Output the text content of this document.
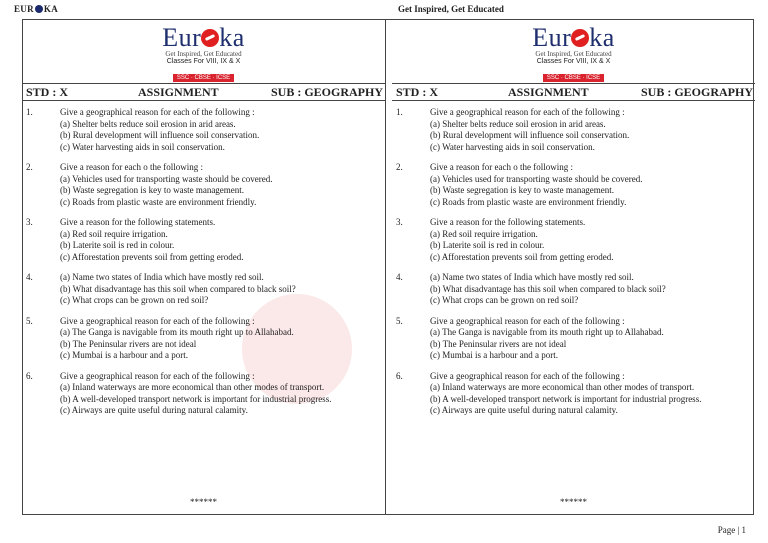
EUR KA	Get Inspired, Get Educated
Eur ka
Get Inspired, Get Educated
Classes For VIII, IX & X
SSC · CBSE · ICSE
STD : X	ASSIGNMENT	SUB : GEOGRAPHY
1.	Give a geographical reason for each of the following :
(a) Shelter belts reduce soil erosion in arid areas.
(b) Rural development will influence soil conservation.
(c) Water harvesting aids in soil conservation.
2.	Give a reason for each o the following :
(a) Vehicles used for transporting waste should be covered.
(b) Waste segregation is key to waste management.
(c) Roads from plastic waste are environment friendly.
3.	Give a reason for the following statements.
(a) Red soil require irrigation.
(b) Laterite soil is red in colour.
(c) Afforestation prevents soil from getting eroded.
4.	(a) Name two states of India which have mostly red soil.
(b) What disadvantage has this soil when compared to black soil?
(c) What crops can be grown on red soil?
5.	Give a geographical reason for each of the following :
(a) The Ganga is navigable from its mouth right up to Allahabad.
(b) The Peninsular rivers are not ideal
(c) Mumbai is a harbour and a port.
6.	Give a geographical reason for each of the following :
(a) Inland waterways are more economical than other modes of transport.
(b) A well-developed transport network is important for industrial progress.
(c) Airways are quite useful during natural calamity.
******
Eur ka
Get Inspired, Get Educated
Classes For VIII, IX & X
SSC · CBSE · ICSE
STD : X	ASSIGNMENT	SUB : GEOGRAPHY
1.	Give a geographical reason for each of the following :
(a) Shelter belts reduce soil erosion in arid areas.
(b) Rural development will influence soil conservation.
(c) Water harvesting aids in soil conservation.
2.	Give a reason for each o the following :
(a) Vehicles used for transporting waste should be covered.
(b) Waste segregation is key to waste management.
(c) Roads from plastic waste are environment friendly.
3.	Give a reason for the following statements.
(a) Red soil require irrigation.
(b) Laterite soil is red in colour.
(c) Afforestation prevents soil from getting eroded.
4.	(a) Name two states of India which have mostly red soil.
(b) What disadvantage has this soil when compared to black soil?
(c) What crops can be grown on red soil?
5.	Give a geographical reason for each of the following :
(a) The Ganga is navigable from its mouth right up to Allahabad.
(b) The Peninsular rivers are not ideal
(c) Mumbai is a harbour and a port.
6.	Give a geographical reason for each of the following :
(a) Inland waterways are more economical than other modes of transport.
(b) A well-developed transport network is important for industrial progress.
(c) Airways are quite useful during natural calamity.
******
Page | 1
